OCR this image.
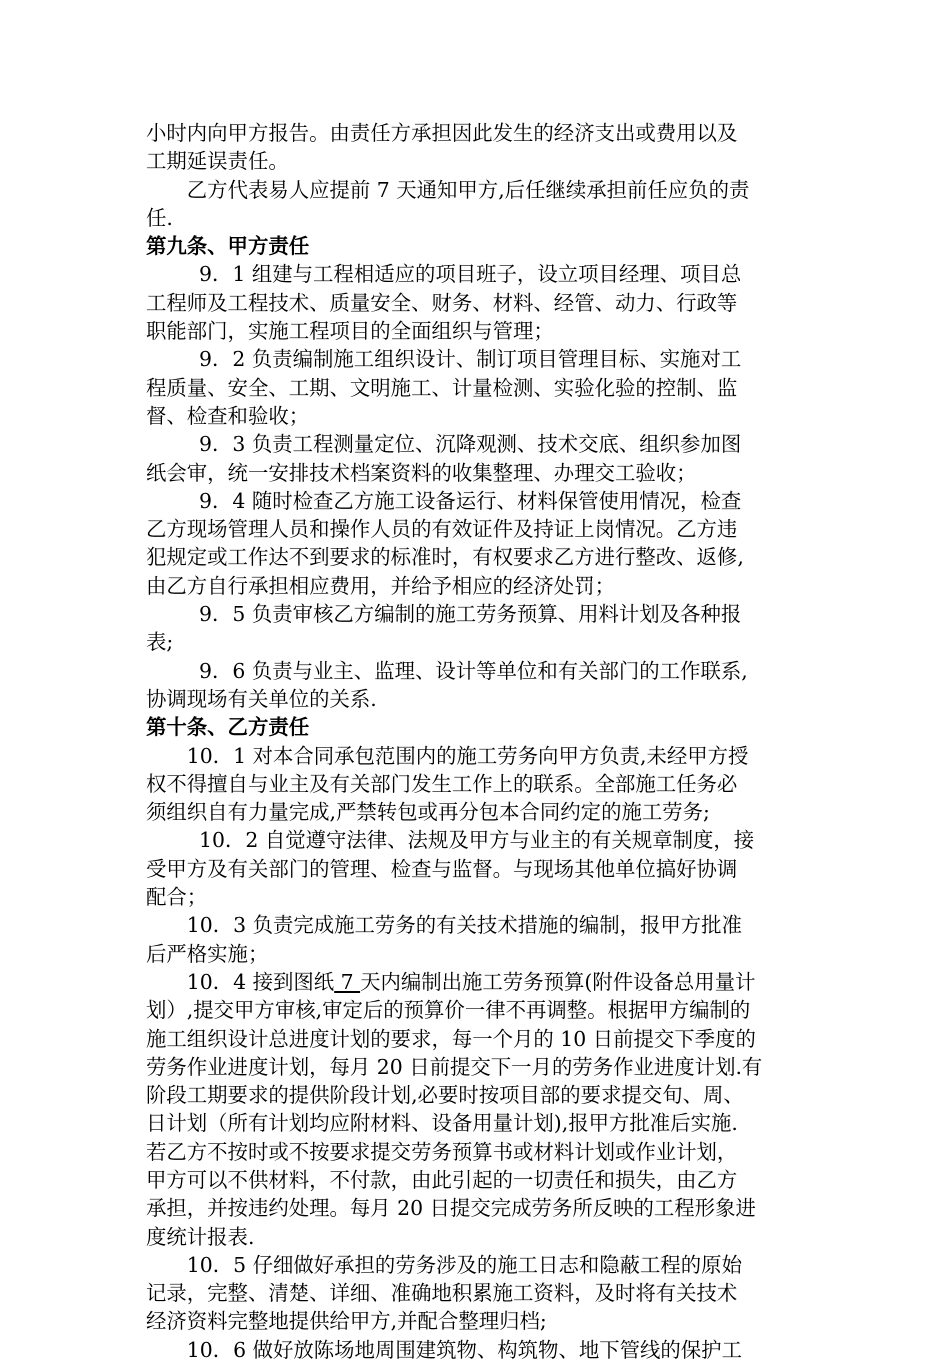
小时内向甲方报告。由责任方承担因此发生的经济支出或费用以及

工期延误责任。

乙方代表易人应提前 7 天通知甲方,后任继续承担前任应负的责

任.

第九条、甲方责任

9．1 组建与工程相适应的项目班子，设立项目经理、项目总

工程师及工程技术、质量安全、财务、材料、经管、动力、行政等

职能部门，实施工程项目的全面组织与管理；

9．2 负责编制施工组织设计、制订项目管理目标、实施对工

程质量、安全、工期、文明施工、计量检测、实验化验的控制、监

督、检查和验收；

9．3 负责工程测量定位、沉降观测、技术交底、组织参加图

纸会审，统一安排技术档案资料的收集整理、办理交工验收；

9．4 随时检查乙方施工设备运行、材料保管使用情况，检查

乙方现场管理人员和操作人员的有效证件及持证上岗情况。乙方违

犯规定或工作达不到要求的标准时，有权要求乙方进行整改、返修,

由乙方自行承担相应费用，并给予相应的经济处罚；

9．5 负责审核乙方编制的施工劳务预算、用料计划及各种报

表;

9．6 负责与业主、监理、设计等单位和有关部门的工作联系,

协调现场有关单位的关系.

第十条、乙方责任

10．1 对本合同承包范围内的施工劳务向甲方负责,未经甲方授

权不得擅自与业主及有关部门发生工作上的联系。全部施工任务必

须组织自有力量完成,严禁转包或再分包本合同约定的施工劳务;

10．2 自觉遵守法律、法规及甲方与业主的有关规章制度，接

受甲方及有关部门的管理、检查与监督。与现场其他单位搞好协调

配合；

10．3 负责完成施工劳务的有关技术措施的编制，报甲方批准

后严格实施；

10．4 接到图纸 7 天内编制出施工劳务预算(附件设备总用量计

划）,提交甲方审核,审定后的预算价一律不再调整。根据甲方编制的

施工组织设计总进度计划的要求，每一个月的 10 日前提交下季度的

劳务作业进度计划，每月 20 日前提交下一月的劳务作业进度计划.有

阶段工期要求的提供阶段计划,必要时按项目部的要求提交旬、周、

日计划（所有计划均应附材料、设备用量计划),报甲方批准后实施.

若乙方不按时或不按要求提交劳务预算书或材料计划或作业计划，

甲方可以不供材料，不付款，由此引起的一切责任和损失，由乙方

承担，并按违约处理。每月 20 日提交完成劳务所反映的工程形象进

度统计报表.

10．5 仔细做好承担的劳务涉及的施工日志和隐蔽工程的原始

记录，完整、清楚、详细、准确地积累施工资料，及时将有关技术

经济资料完整地提供给甲方,并配合整理归档;

10．6 做好放陈场地周围建筑物、构筑物、地下管线的保护工
